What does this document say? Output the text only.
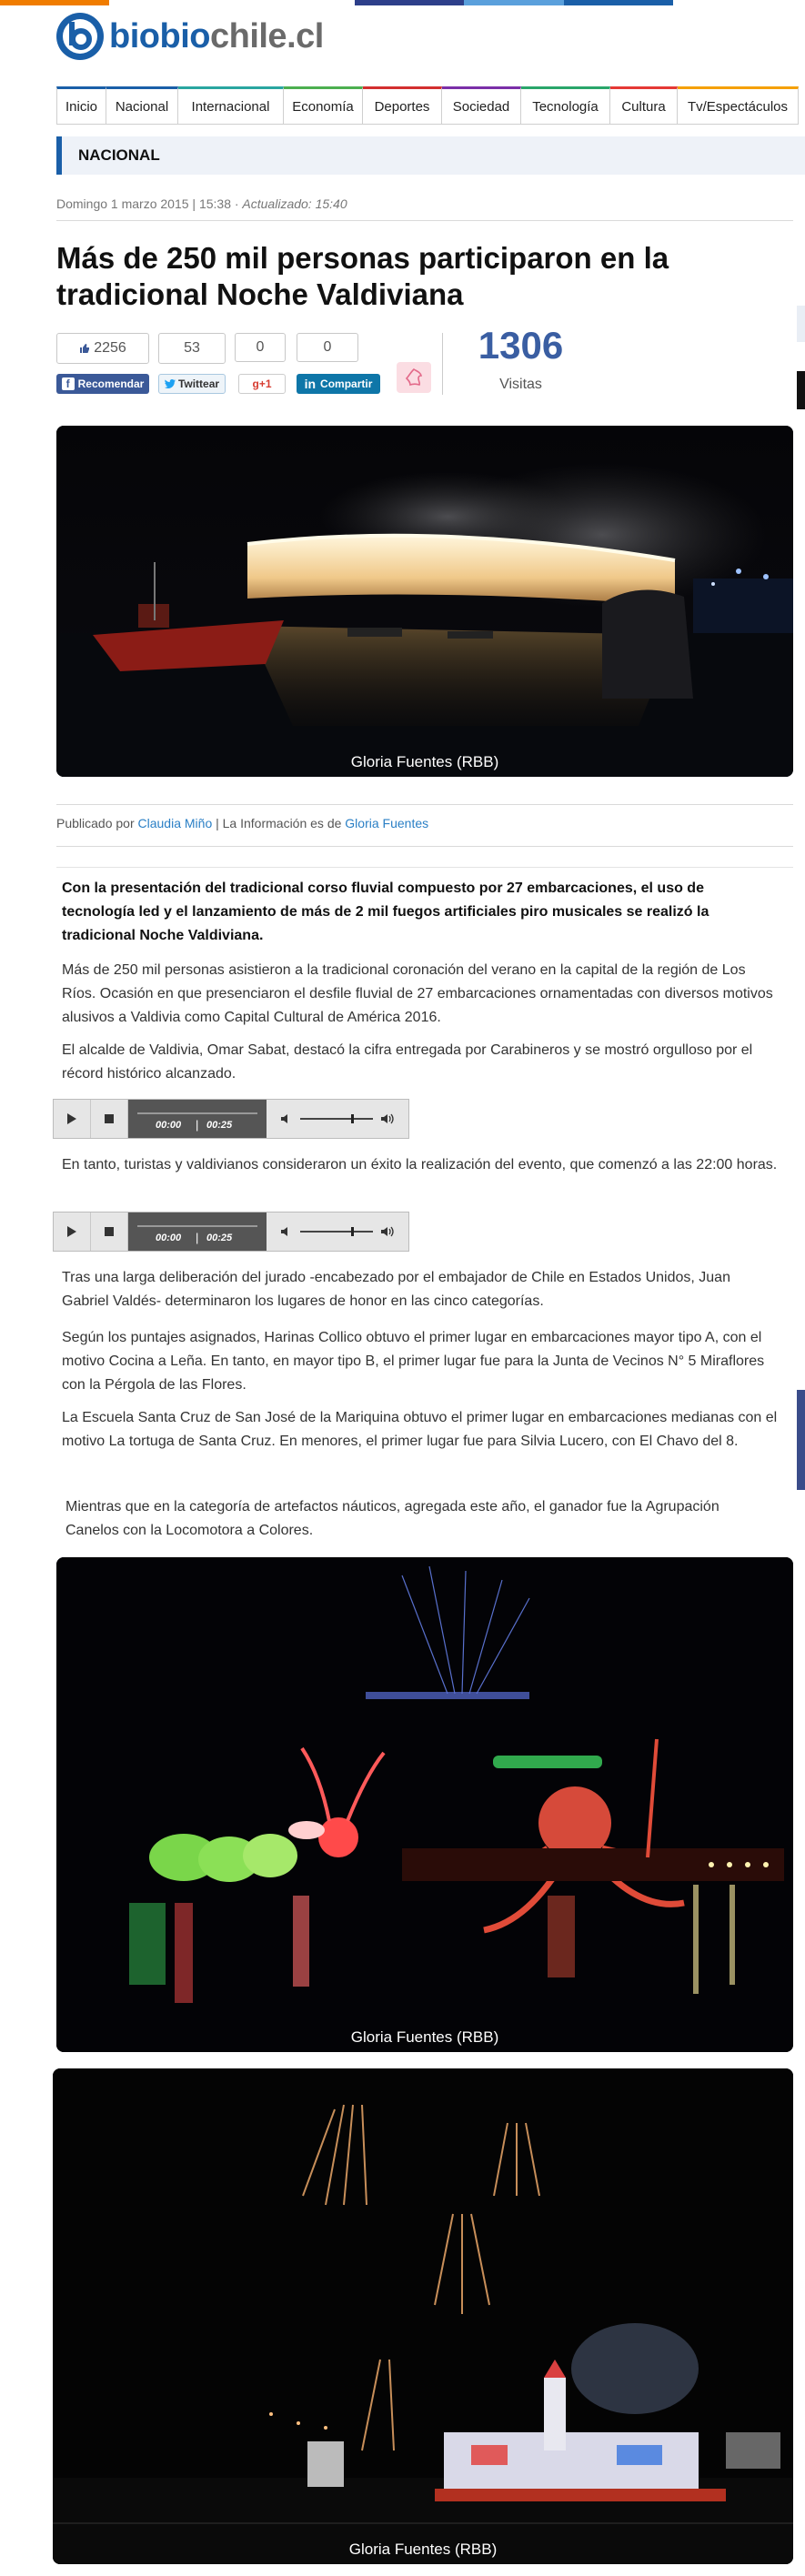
biobiochile.cl
Inicio	Nacional	Internacional	Economía	Deportes	Sociedad	Tecnología	Cultura	Tv/Espectáculos
NACIONAL
Domingo 1 marzo 2015 | 15:38 · Actualizado: 15:40
Más de 250 mil personas participaron en la tradicional Noche Valdiviana
2256
f Recomendar
53
Twittear
0
g+1
0
in Compartir
1306
Visitas
Gloria Fuentes (RBB)
Publicado por Claudia Miño | La Información es de Gloria Fuentes

Con la presentación del tradicional corso fluvial compuesto por 27 embarcaciones, el uso de tecnología led y el lanzamiento de más de 2 mil fuegos artificiales piro musicales se realizó la tradicional Noche Valdiviana.

Más de 250 mil personas asistieron a la tradicional coronación del verano en la capital de la región de Los Ríos. Ocasión en que presenciaron el desfile fluvial de 27 embarcaciones ornamentadas con diversos motivos alusivos a Valdivia como Capital Cultural de América 2016.

El alcalde de Valdivia, Omar Sabat, destacó la cifra entregada por Carabineros y se mostró orgulloso por el récord histórico alcanzado.

En tanto, turistas y valdivianos consideraron un éxito la realización del evento, que comenzó a las 22:00 horas.

Tras una larga deliberación del jurado -encabezado por el embajador de Chile en Estados Unidos, Juan Gabriel Valdés- determinaron los lugares de honor en las cinco categorías.

Según los puntajes asignados, Harinas Collico obtuvo el primer lugar en embarcaciones mayor tipo A, con el motivo Cocina a Leña. En tanto, en mayor tipo B, el primer lugar fue para la Junta de Vecinos N° 5 Miraflores con la Pérgola de las Flores.

La Escuela Santa Cruz de San José de la Mariquina obtuvo el primer lugar en embarcaciones medianas con el motivo La tortuga de Santa Cruz. En menores, el primer lugar fue para Silvia Lucero, con El Chavo del 8.

Mientras que en la categoría de artefactos náuticos, agregada este año, el ganador fue la Agrupación Canelos con la Locomotora a Colores.

00:00 | 00:25
00:00 | 00:25
Gloria Fuentes (RBB)
Gloria Fuentes (RBB)
